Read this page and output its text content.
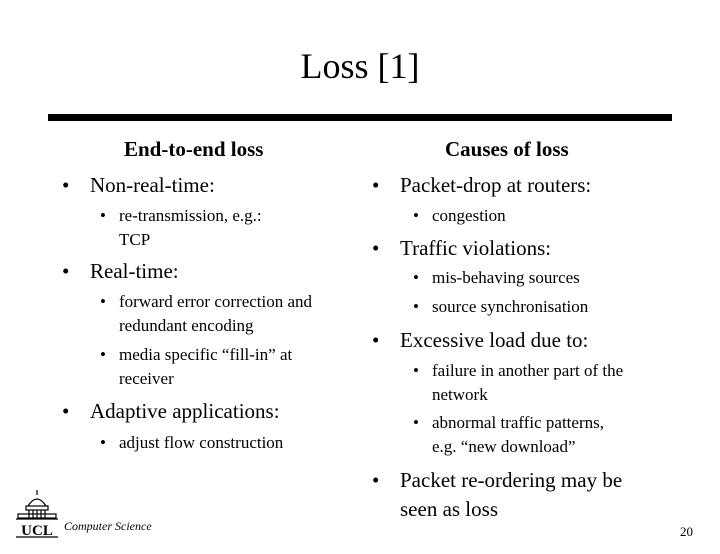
Loss [1]
End-to-end loss
• Non-real-time:
• re-transmission, e.g.:
TCP
• Real-time:
• forward error correction and
redundant encoding
• media specific “fill-in” at
receiver
• Adaptive applications:
• adjust flow construction
Causes of loss
• Packet-drop at routers:
• congestion
• Traffic violations:
• mis-behaving sources
• source synchronisation
• Excessive load due to:
• failure in another part of the
network
• abnormal traffic patterns,
e.g. “new download”
• Packet re-ordering may be
seen as loss
UCL Computer Science	20
